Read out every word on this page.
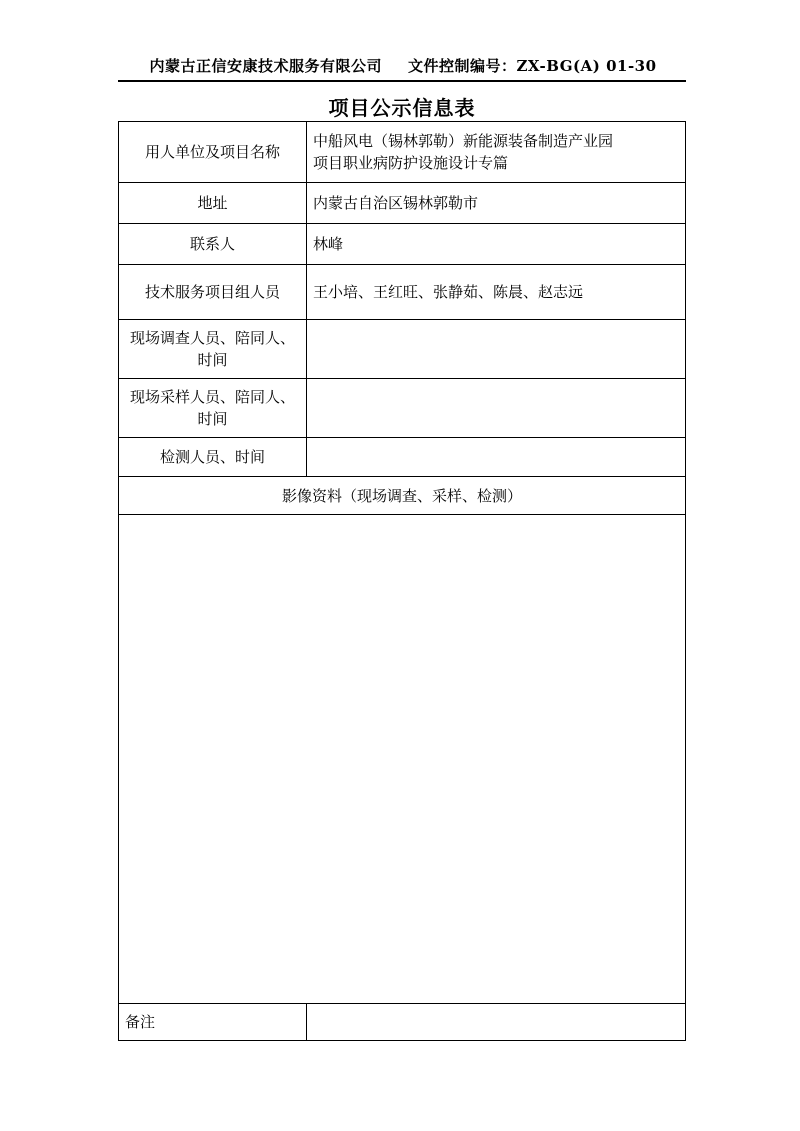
内蒙古正信安康技术服务有限公司 文件控制编号：ZX-BG(A) 01-30
项目公示信息表
用人单位及项目名称	中船风电（锡林郭勒）新能源装备制造产业园
项目职业病防护设施设计专篇

地址	内蒙古自治区锡林郭勒市
联系人	林峰
技术服务项目组人员	王小培、王红旺、张静茹、陈晨、赵志远
现场调查人员、陪同人、时间	
现场采样人员、陪同人、时间	
检测人员、时间	
影像资料（现场调查、采样、检测）	

备注	
